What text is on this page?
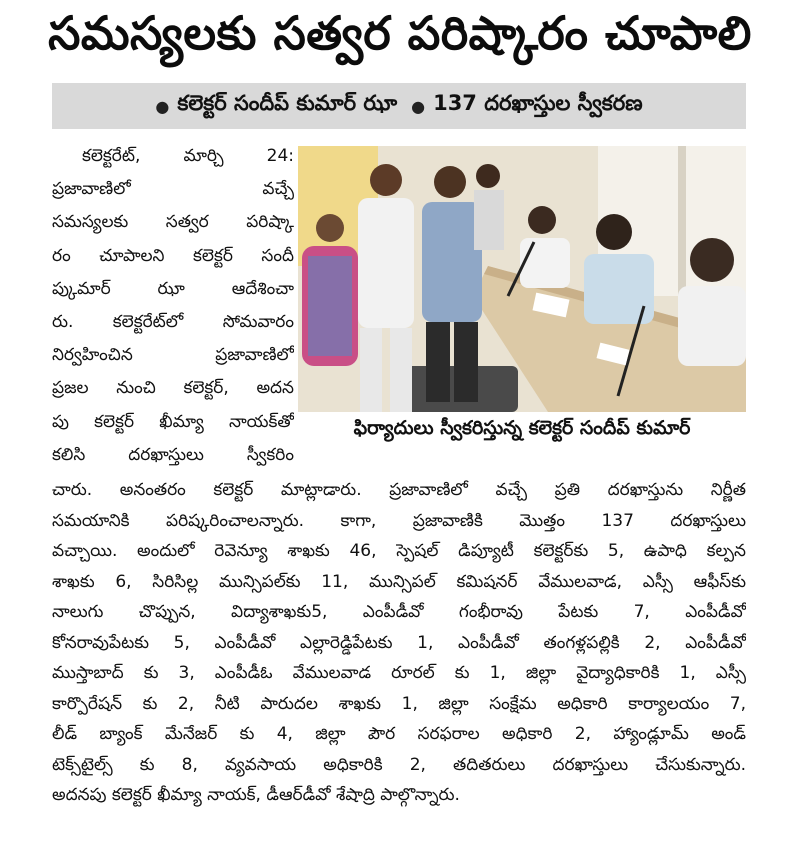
సమస్యలకు సత్వర పరిష్కారం చూపాలి
● కలెక్టర్ సందీప్ కుమార్ ఝా ● 137 దరఖాస్తుల స్వీకరణ
కలెక్టరేట్, మార్చి 24:
ప్రజావాణిలో వచ్చే
సమస్యలకు సత్వర పరిష్కా
రం చూపాలని కలెక్టర్ సందీ
ప్కుమార్ ఝా ఆదేశించా
రు. కలెక్టరేట్‌లో సోమవారం
నిర్వహించిన ప్రజావాణిలో
ప్రజల నుంచి కలెక్టర్, అదన
పు కలెక్టర్ ఖీమ్యా నాయక్‌తో
కలిసి దరఖాస్తులు స్వీకరిం
ఫిర్యాదులు స్వీకరిస్తున్న కలెక్టర్ సందీప్ కుమార్
చారు. అనంతరం కలెక్టర్ మాట్లాడారు. ప్రజావాణిలో వచ్చే ప్రతి దరఖాస్తును నిర్ణీత
సమయానికి పరిష్కరించాలన్నారు. కాగా, ప్రజావాణికి మొత్తం 137 దరఖాస్తులు
వచ్చాయి. అందులో రెవెన్యూ శాఖకు 46, స్పెషల్ డిప్యూటీ కలెక్టర్‌కు 5, ఉపాధి కల్పన
శాఖకు 6, సిరిసిల్ల మున్సిపల్‌కు 11, మున్సిపల్ కమిషనర్ వేములవాడ, ఎస్సీ ఆఫీస్‌కు
నాలుగు చొప్పున, విద్యాశాఖకు5, ఎంపీడీవో గంభీరావు పేటకు 7, ఎంపీడీవో
కోనరావుపేటకు 5, ఎంపీడీవో ఎల్లారెడ్డిపేటకు 1, ఎంపీడీవో తంగళ్లపల్లికి 2, ఎంపీడీవో
ముస్తాబాద్ కు 3, ఎంపీడీఓ వేములవాడ రూరల్ కు 1, జిల్లా వైద్యాధికారికి 1, ఎస్సీ
కార్పొరేషన్ కు 2, నీటి పారుదల శాఖకు 1, జిల్లా సంక్షేమ అధికారి కార్యాలయం 7,
లీడ్ బ్యాంక్ మేనేజర్ కు 4, జిల్లా పౌర సరఫరాల అధికారి 2, హ్యాండ్లూమ్ అండ్
టెక్స్‌టైల్స్ కు 8, వ్యవసాయ అధికారికి 2, తదితరులు దరఖాస్తులు చేసుకున్నారు.
అదనపు కలెక్టర్ ఖీమ్యా నాయక్, డీఆర్‌డీవో శేషాద్రి పాల్గొన్నారు.
